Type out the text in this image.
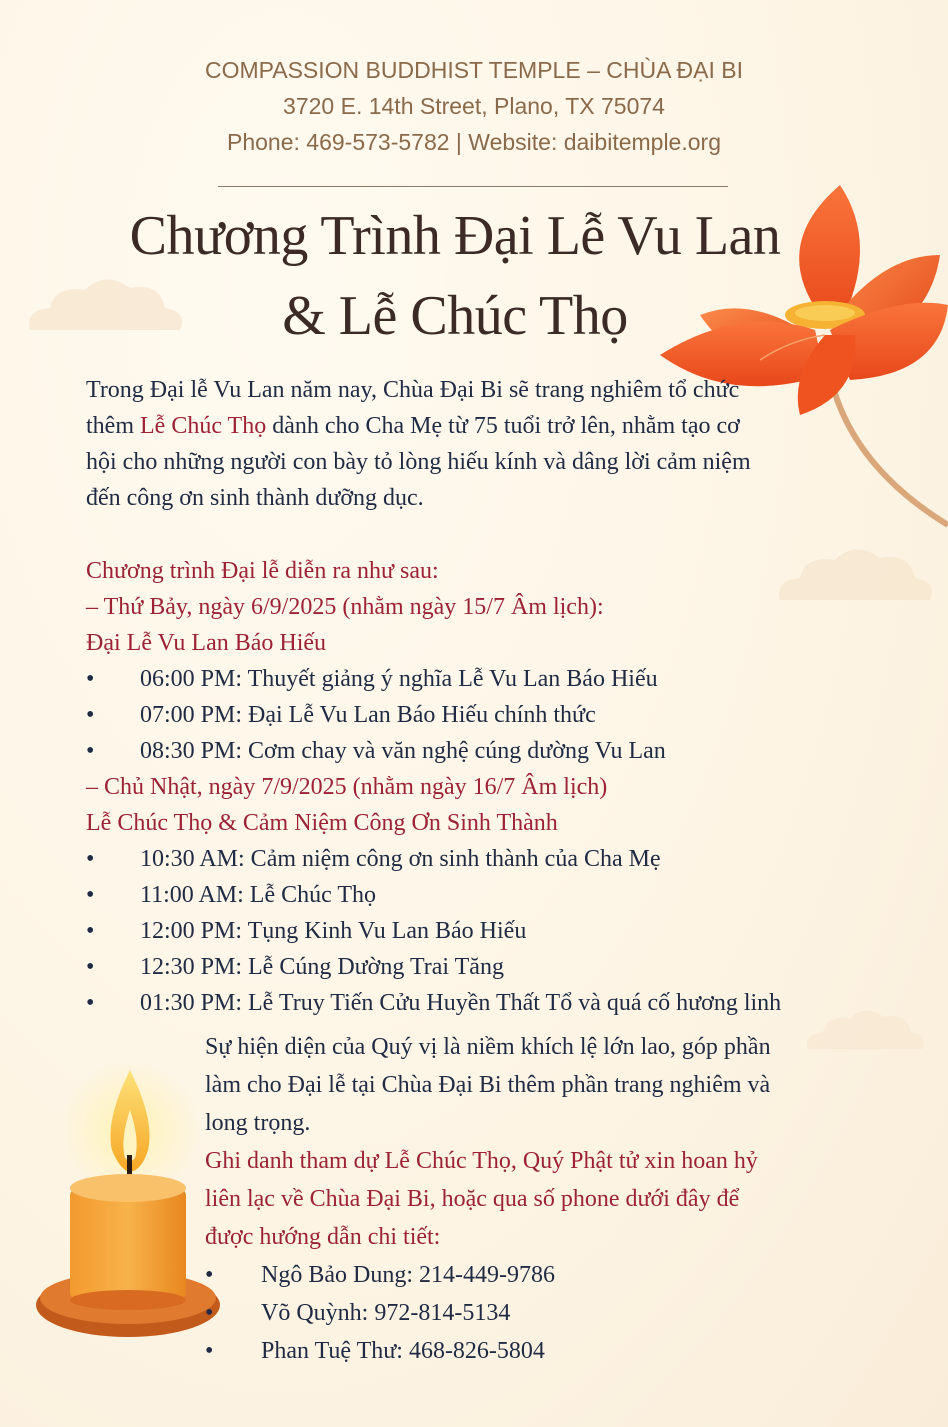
COMPASSION BUDDHIST TEMPLE – CHÙA ĐẠI BI
3720 E. 14th Street, Plano, TX 75074
Phone: 469-573-5782 | Website: daibitemple.org
Chương Trình Đại Lễ Vu Lan
& Lễ Chúc Thọ
Trong Đại lễ Vu Lan năm nay, Chùa Đại Bi sẽ trang nghiêm tổ chức
thêm Lễ Chúc Thọ dành cho Cha Mẹ từ 75 tuổi trở lên, nhằm tạo cơ
hội cho những người con bày tỏ lòng hiếu kính và dâng lời cảm niệm
đến công ơn sinh thành dưỡng dục.
Chương trình Đại lễ diễn ra như sau:
– Thứ Bảy, ngày 6/9/2025 (nhằm ngày 15/7 Âm lịch):
Đại Lễ Vu Lan Báo Hiếu
•	06:00 PM: Thuyết giảng ý nghĩa Lễ Vu Lan Báo Hiếu
•	07:00 PM: Đại Lễ Vu Lan Báo Hiếu chính thức
•	08:30 PM: Cơm chay và văn nghệ cúng dường Vu Lan
– Chủ Nhật, ngày 7/9/2025 (nhằm ngày 16/7 Âm lịch)
Lễ Chúc Thọ & Cảm Niệm Công Ơn Sinh Thành
•	10:30 AM: Cảm niệm công ơn sinh thành của Cha Mẹ
•	11:00 AM: Lễ Chúc Thọ
•	12:00 PM: Tụng Kinh Vu Lan Báo Hiếu
•	12:30 PM: Lễ Cúng Dường Trai Tăng
•	01:30 PM: Lễ Truy Tiến Cửu Huyền Thất Tổ và quá cố hương linh
Sự hiện diện của Quý vị là niềm khích lệ lớn lao, góp phần
làm cho Đại lễ tại Chùa Đại Bi thêm phần trang nghiêm và
long trọng.
Ghi danh tham dự Lễ Chúc Thọ, Quý Phật tử xin hoan hỷ
liên lạc về Chùa Đại Bi, hoặc qua số phone dưới đây để
được hướng dẫn chi tiết:
•	Ngô Bảo Dung: 214-449-9786
•	Võ Quỳnh: 972-814-5134
•	Phan Tuệ Thư: 468-826-5804
